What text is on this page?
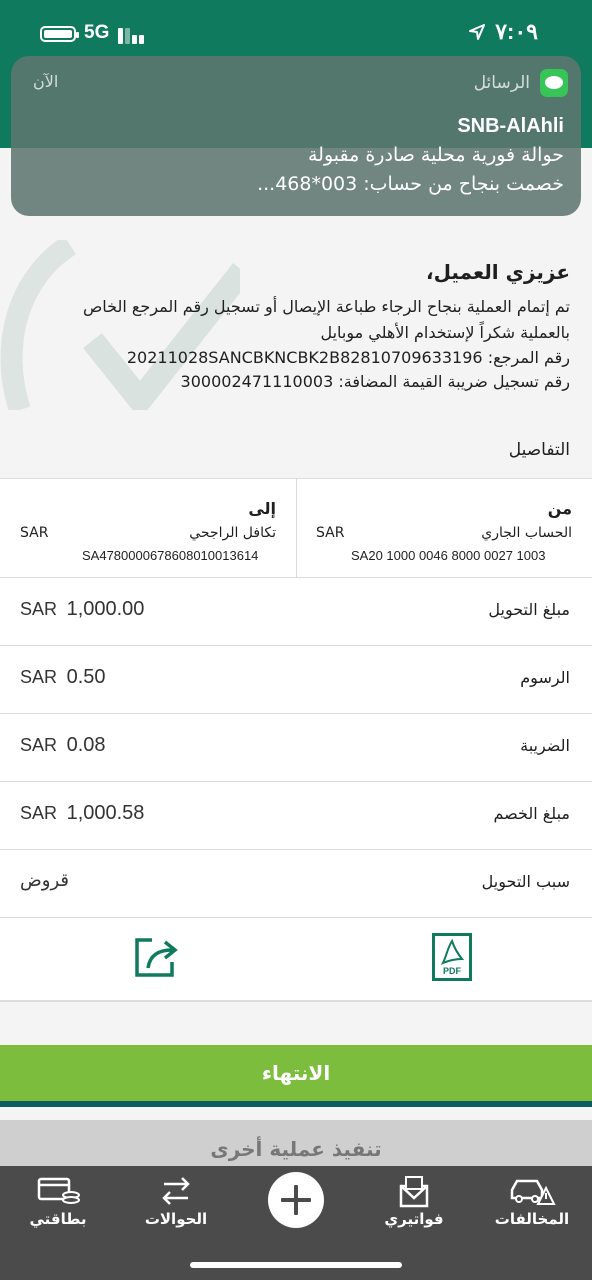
5G	٧:٠٩
الرسائل
الآن
SNB-AlAhli
حوالة فورية محلية صادرة مقبولة
خصمت بنجاح من حساب: 003*468...
عزيزي العميل،
تم إتمام العملية بنجاح الرجاء طباعة الإيصال أو تسجيل رقم المرجع الخاص بالعملية شكراً لإستخدام الأهلي موبايل
رقم المرجع: 20211028SANCBKNCBK2B82810709633196
رقم تسجيل ضريبة القيمة المضافة: 300002471110003
التفاصيل
من
الحساب الجاري
SAR
SA20 1000 0046 8000 0027 1003
إلى
تكافل الراجحي
SAR
SA4780000678608010013614
مبلغ التحويل
SAR 1,000.00
الرسوم
SAR 0.50
الضريبة
SAR 0.08
مبلغ الخصم
SAR 1,000.58
سبب التحويل
قروض
PDF
الانتهاء
تنفيذ عملية أخرى
بطاقتي	الحوالات	فواتيري	المخالفات
